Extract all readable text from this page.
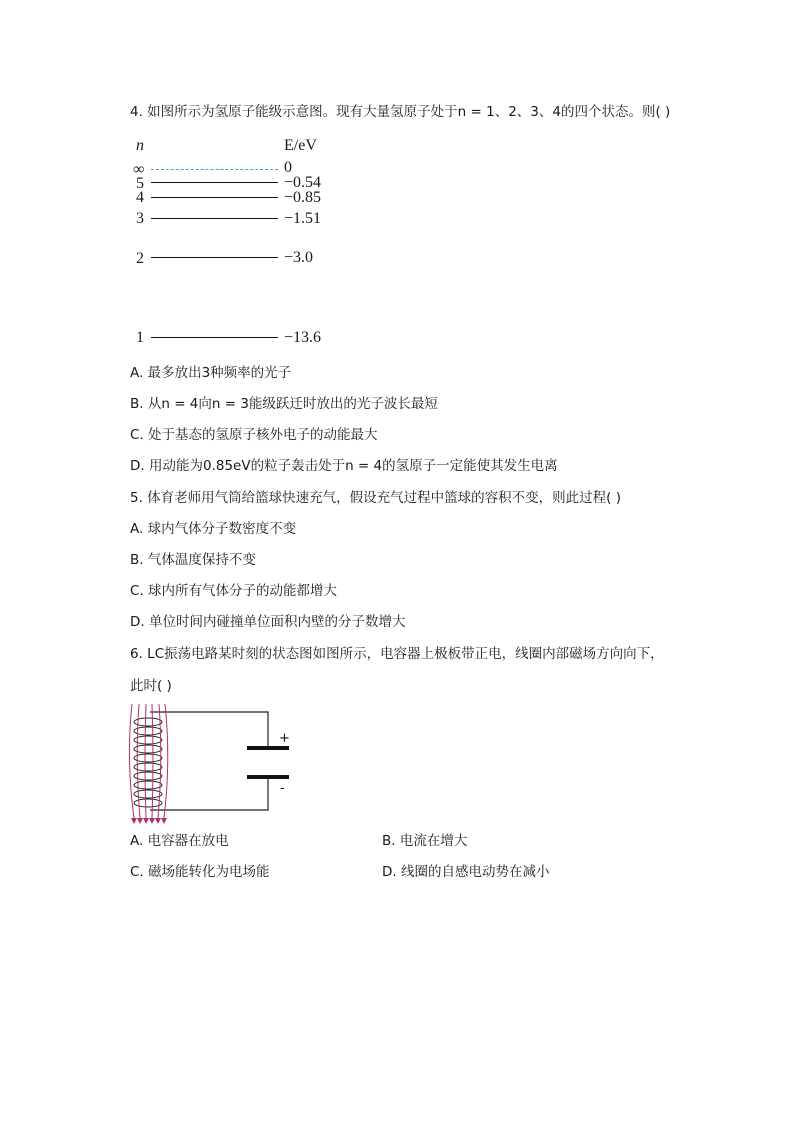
4. 如图所示为氢原子能级示意图。现有大量氢原子处于n = 1、2、3、4的四个状态。则( )
n	E/eV
∞	0
5	−0.54
4	−0.85
3	−1.51
2	−3.0
1	−13.6
A. 最多放出3种频率的光子
B. 从n = 4向n = 3能级跃迁时放出的光子波长最短
C. 处于基态的氢原子核外电子的动能最大
D. 用动能为0.85eV的粒子轰击处于n = 4的氢原子一定能使其发生电离
5. 体育老师用气筒给篮球快速充气，假设充气过程中篮球的容积不变，则此过程( )
A. 球内气体分子数密度不变
B. 气体温度保持不变
C. 球内所有气体分子的动能都增大
D. 单位时间内碰撞单位面积内壁的分子数增大
6. LC振荡电路某时刻的状态图如图所示，电容器上极板带正电，线圈内部磁场方向向下，
此时( )
+
-
A. 电容器在放电	B. 电流在增大
C. 磁场能转化为电场能	D. 线圈的自感电动势在减小
